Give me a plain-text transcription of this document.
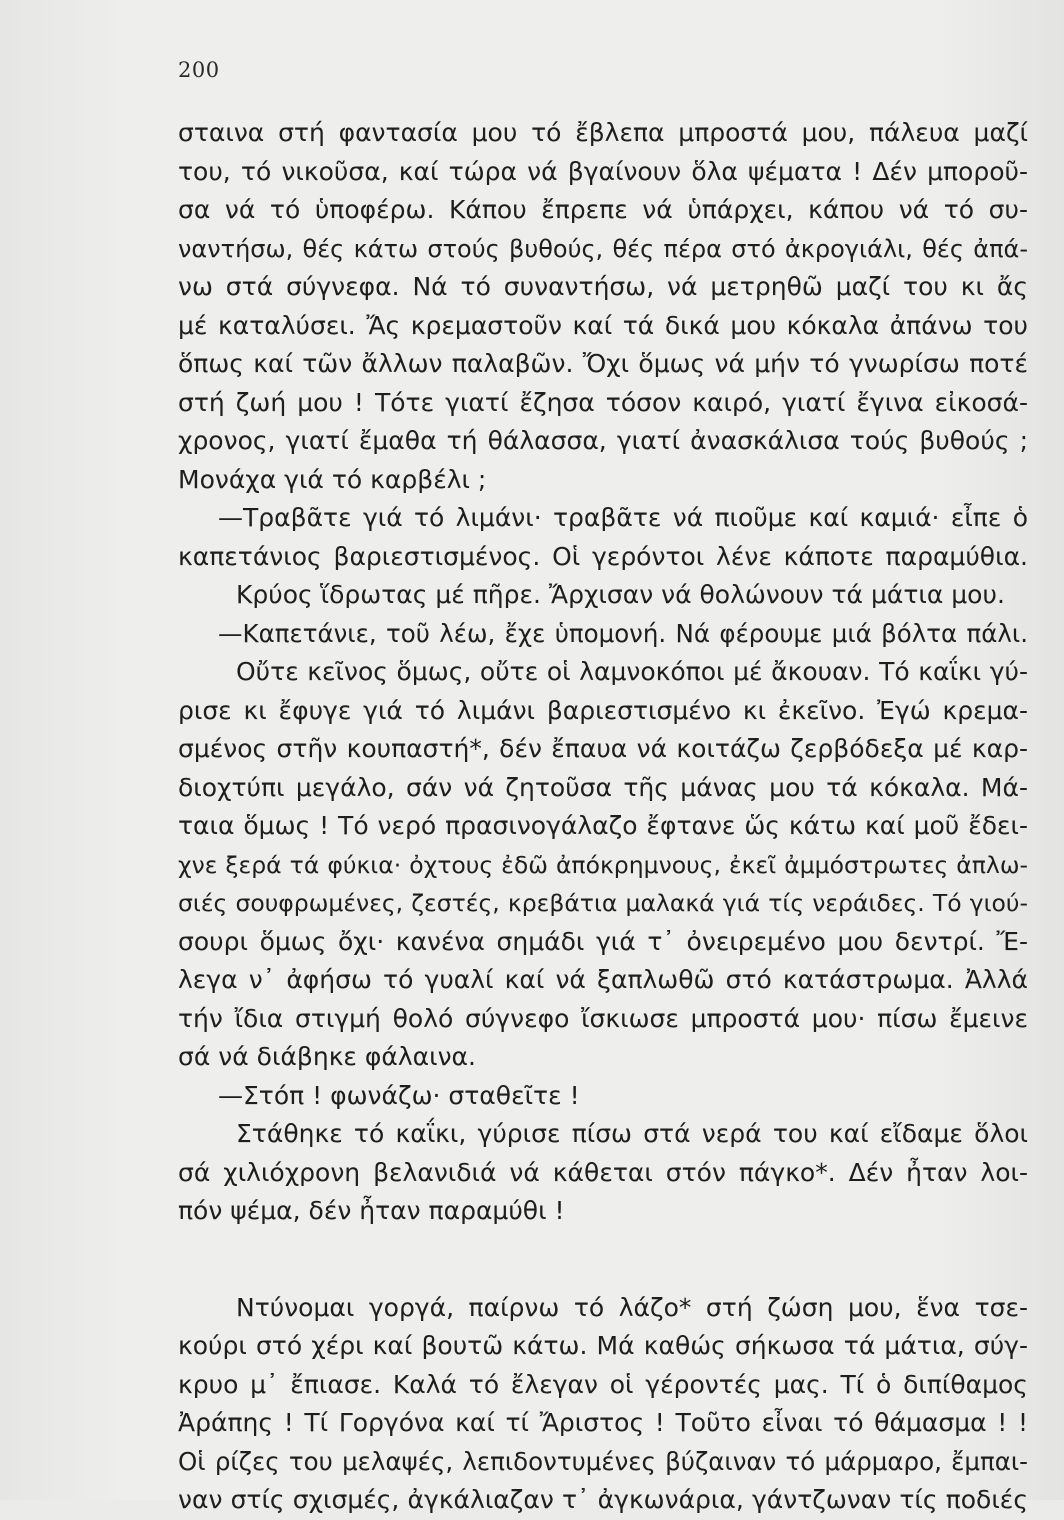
200
σταινα στή φαντασία μου τό ἔβλεπα μπροστά μου, πάλευα μαζί
του, τό νικοῦσα, καί τώρα νά βγαίνουν ὅλα ψέματα ! Δέν μποροῦ-
σα νά τό ὑποφέρω. Κάπου ἔπρεπε νά ὑπάρχει, κάπου νά τό συ-
ναντήσω, θές κάτω στούς βυθούς, θές πέρα στό ἀκρογιάλι, θές ἀπά-
νω στά σύγνεφα. Νά τό συναντήσω, νά μετρηθῶ μαζί του κι ἄς
μέ καταλύσει. Ἄς κρεμαστοῦν καί τά δικά μου κόκαλα ἀπάνω του
ὅπως καί τῶν ἄλλων παλαβῶν. Ὄχι ὅμως νά μήν τό γνωρίσω ποτέ
στή ζωή μου ! Τότε γιατί ἔζησα τόσον καιρό, γιατί ἔγινα εἰκοσά-
χρονος, γιατί ἔμαθα τή θάλασσα, γιατί ἀνασκάλισα τούς βυθούς ;
Μονάχα γιά τό καρβέλι ;
—Τραβᾶτε γιά τό λιμάνι· τραβᾶτε νά πιοῦμε καί καμιά· εἶπε ὁ
καπετάνιος βαριεστισμένος. Οἱ γερόντοι λένε κάποτε παραμύθια.
Κρύος ἵδρωτας μέ πῆρε. Ἄρχισαν νά θολώνουν τά μάτια μου.
—Καπετάνιε, τοῦ λέω, ἔχε ὑπομονή. Νά φέρουμε μιά βόλτα πάλι.
Οὔτε κεῖνος ὅμως, οὔτε οἱ λαμνοκόποι μέ ἄκουαν. Τό καΐκι γύ-
ρισε κι ἔφυγε γιά τό λιμάνι βαριεστισμένο κι ἐκεῖνο. Ἐγώ κρεμα-
σμένος στῆν κουπαστή*, δέν ἔπαυα νά κοιτάζω ζερβόδεξα μέ καρ-
διοχτύπι μεγάλο, σάν νά ζητοῦσα τῆς μάνας μου τά κόκαλα. Μά-
ταια ὅμως ! Τό νερό πρασινογάλαζο ἔφτανε ὥς κάτω καί μοῦ ἔδει-
χνε ξερά τά φύκια· ὀχτους ἐδῶ ἀπόκρημνους, ἐκεῖ ἀμμόστρωτες ἀπλω-
σιές σουφρωμένες, ζεστές, κρεβάτια μαλακά γιά τίς νεράιδες. Τό γιού-
σουρι ὅμως ὄχι· κανένα σημάδι γιά τ᾽ ὀνειρεμένο μου δεντρί. Ἔ-
λεγα ν᾽ ἀφήσω τό γυαλί καί νά ξαπλωθῶ στό κατάστρωμα. Ἀλλά
τήν ἴδια στιγμή θολό σύγνεφο ἴσκιωσε μπροστά μου· πίσω ἔμεινε
σά νά διάβηκε φάλαινα.
—Στόπ ! φωνάζω· σταθεῖτε !
Στάθηκε τό καΐκι, γύρισε πίσω στά νερά του καί εἴδαμε ὅλοι
σά χιλιόχρονη βελανιδιά νά κάθεται στόν πάγκο*. Δέν ἦταν λοι-
πόν ψέμα, δέν ἦταν παραμύθι !
Ντύνομαι γοργά, παίρνω τό λάζο* στή ζώση μου, ἕνα τσε-
κούρι στό χέρι καί βουτῶ κάτω. Μά καθώς σήκωσα τά μάτια, σύγ-
κρυο μ᾽ ἔπιασε. Καλά τό ἔλεγαν οἱ γέροντές μας. Τί ὁ διπίθαμος
Ἀράπης ! Τί Γοργόνα καί τί Ἄριστος ! Τοῦτο εἶναι τό θάμασμα ! !
Οἱ ρίζες του μελαψές, λεπιδοντυμένες βύζαιναν τό μάρμαρο, ἔμπαι-
ναν στίς σχισμές, ἀγκάλιαζαν τ᾽ ἀγκωνάρια, γάντζωναν τίς ποδιές
